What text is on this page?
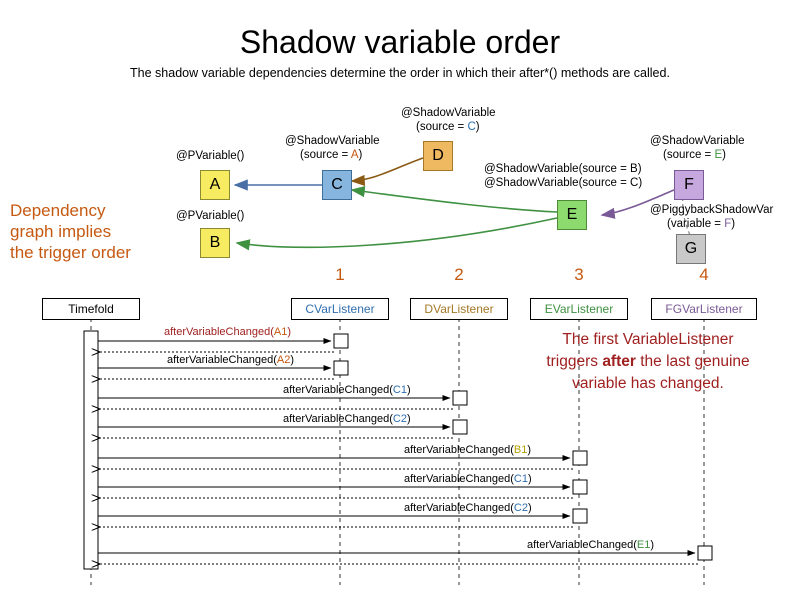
Shadow variable order
The shadow variable dependencies determine the order in which their after*() methods are called.
@PVariable()
A
@PVariable()
B
@ShadowVariable
(source = A)
C
@ShadowVariable
(source = C)
D
@ShadowVariable(source = B)
@ShadowVariable(source = C)
E
@ShadowVariable
(source = E)
F
@PiggybackShadowVar
(variable = F)
G
Dependency
graph implies
the trigger order
1	2	3	4
Timefold	CVarListener	DVarListener	EVarListener	FGVarListener
afterVariableChanged(A1)
afterVariableChanged(A2)
afterVariableChanged(C1)
afterVariableChanged(C2)
afterVariableChanged(B1)
afterVariableChanged(C1)
afterVariableChanged(C2)
afterVariableChanged(E1)
The first VariableListener
triggers after the last genuine
variable has changed.
